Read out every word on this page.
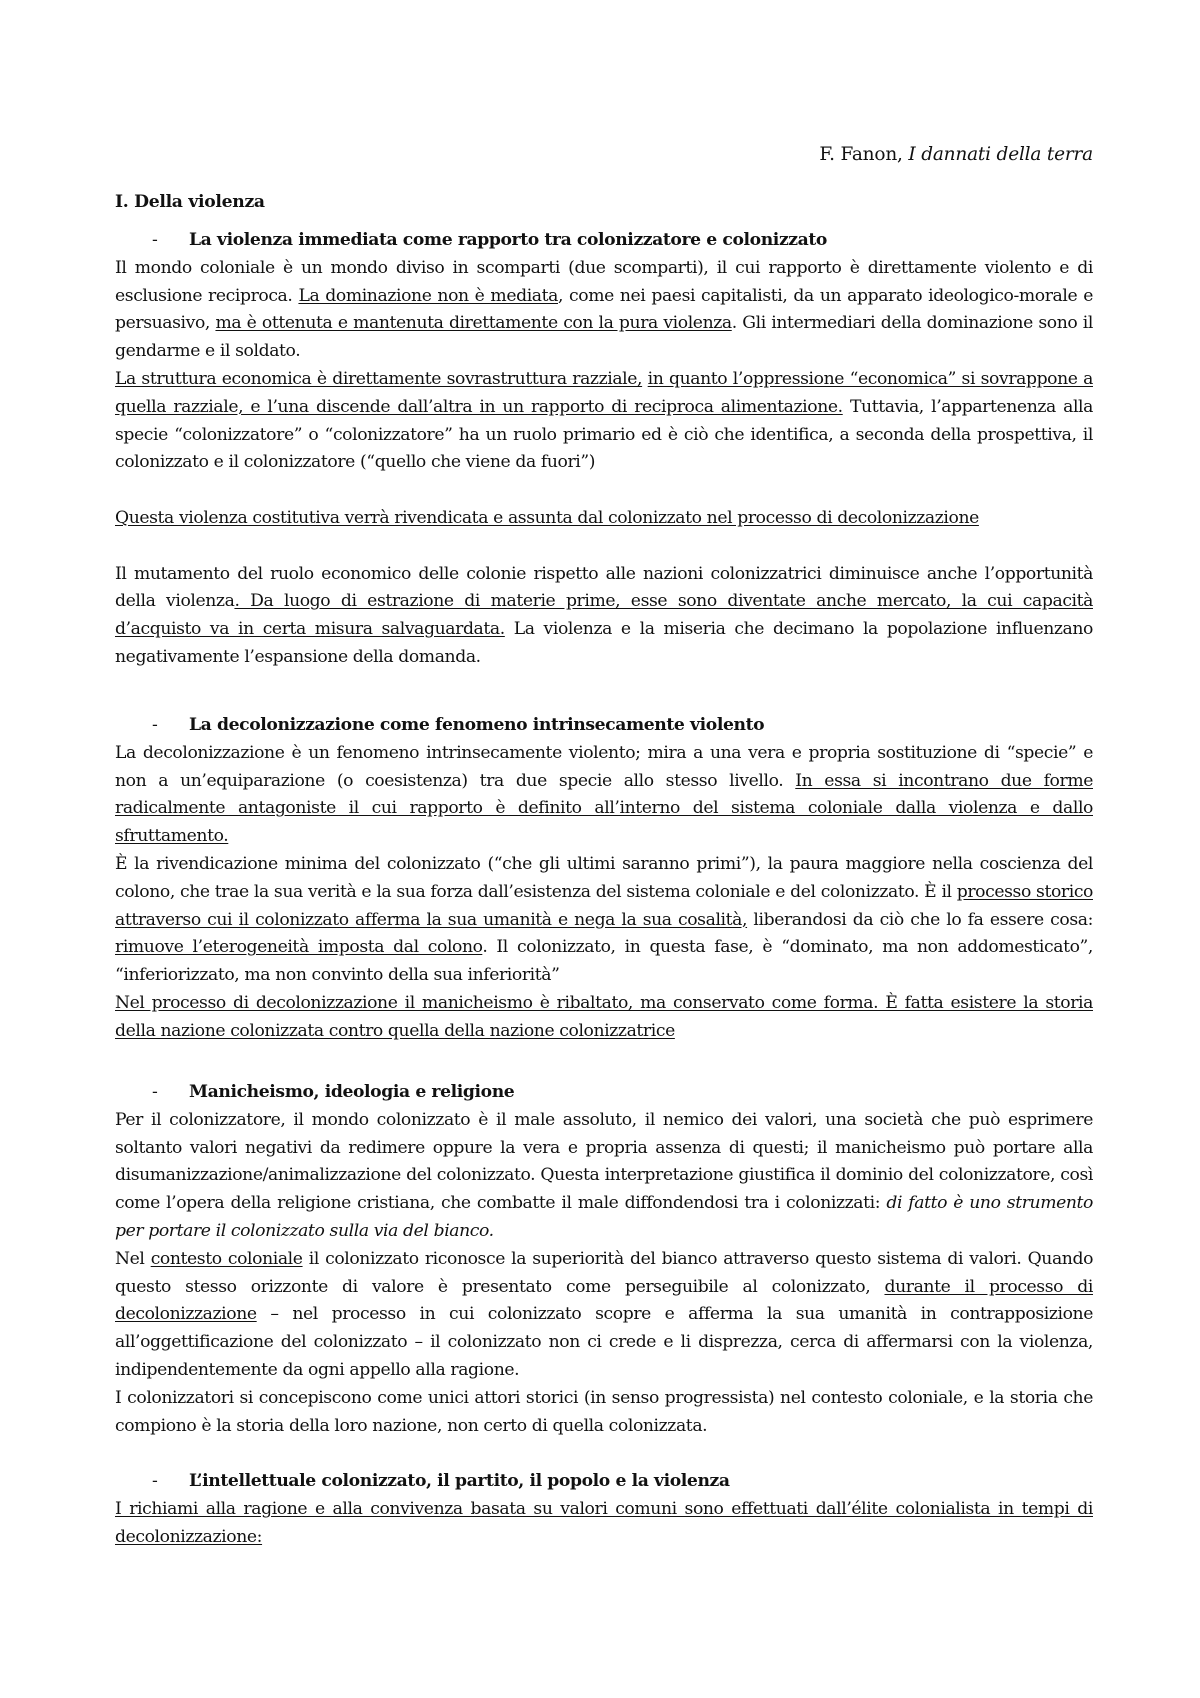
F. Fanon, I dannati della terra
I. Della violenza
- La violenza immediata come rapporto tra colonizzatore e colonizzato

Il mondo coloniale è un mondo diviso in scomparti (due scomparti), il cui rapporto è direttamente violento e di esclusione reciproca. La dominazione non è mediata, come nei paesi capitalisti, da un apparato ideologico-morale e persuasivo, ma è ottenuta e mantenuta direttamente con la pura violenza. Gli intermediari della dominazione sono il gendarme e il soldato.

La struttura economica è direttamente sovrastruttura razziale, in quanto l’oppressione “economica” si sovrappone a quella razziale, e l’una discende dall’altra in un rapporto di reciproca alimentazione. Tuttavia, l’appartenenza alla specie “colonizzatore” o “colonizzatore” ha un ruolo primario ed è ciò che identifica, a seconda della prospettiva, il colonizzato e il colonizzatore (“quello che viene da fuori”)

Questa violenza costitutiva verrà rivendicata e assunta dal colonizzato nel processo di decolonizzazione

Il mutamento del ruolo economico delle colonie rispetto alle nazioni colonizzatrici diminuisce anche l’opportunità della violenza. Da luogo di estrazione di materie prime, esse sono diventate anche mercato, la cui capacità d’acquisto va in certa misura salvaguardata. La violenza e la miseria che decimano la popolazione influenzano negativamente l’espansione della domanda.

- La decolonizzazione come fenomeno intrinsecamente violento

La decolonizzazione è un fenomeno intrinsecamente violento; mira a una vera e propria sostituzione di “specie” e non a un’equiparazione (o coesistenza) tra due specie allo stesso livello. In essa si incontrano due forme radicalmente antagoniste il cui rapporto è definito all’interno del sistema coloniale dalla violenza e dallo sfruttamento.

È la rivendicazione minima del colonizzato (“che gli ultimi saranno primi”), la paura maggiore nella coscienza del colono, che trae la sua verità e la sua forza dall’esistenza del sistema coloniale e del colonizzato. È il processo storico attraverso cui il colonizzato afferma la sua umanità e nega la sua cosalità, liberandosi da ciò che lo fa essere cosa: rimuove l’eterogeneità imposta dal colono. Il colonizzato, in questa fase, è “dominato, ma non addomesticato”, “inferiorizzato, ma non convinto della sua inferiorità”

Nel processo di decolonizzazione il manicheismo è ribaltato, ma conservato come forma. È fatta esistere la storia della nazione colonizzata contro quella della nazione colonizzatrice

- Manicheismo, ideologia e religione

Per il colonizzatore, il mondo colonizzato è il male assoluto, il nemico dei valori, una società che può esprimere soltanto valori negativi da redimere oppure la vera e propria assenza di questi; il manicheismo può portare alla disumanizzazione/animalizzazione del colonizzato. Questa interpretazione giustifica il dominio del colonizzatore, così come l’opera della religione cristiana, che combatte il male diffondendosi tra i colonizzati: di fatto è uno strumento per portare il colonizzato sulla via del bianco.

Nel contesto coloniale il colonizzato riconosce la superiorità del bianco attraverso questo sistema di valori. Quando questo stesso orizzonte di valore è presentato come perseguibile al colonizzato, durante il processo di decolonizzazione – nel processo in cui colonizzato scopre e afferma la sua umanità in contrapposizione all’oggettificazione del colonizzato – il colonizzato non ci crede e li disprezza, cerca di affermarsi con la violenza, indipendentemente da ogni appello alla ragione.

I colonizzatori si concepiscono come unici attori storici (in senso progressista) nel contesto coloniale, e la storia che compiono è la storia della loro nazione, non certo di quella colonizzata.

- L’intellettuale colonizzato, il partito, il popolo e la violenza

I richiami alla ragione e alla convivenza basata su valori comuni sono effettuati dall’élite colonialista in tempi di decolonizzazione:
